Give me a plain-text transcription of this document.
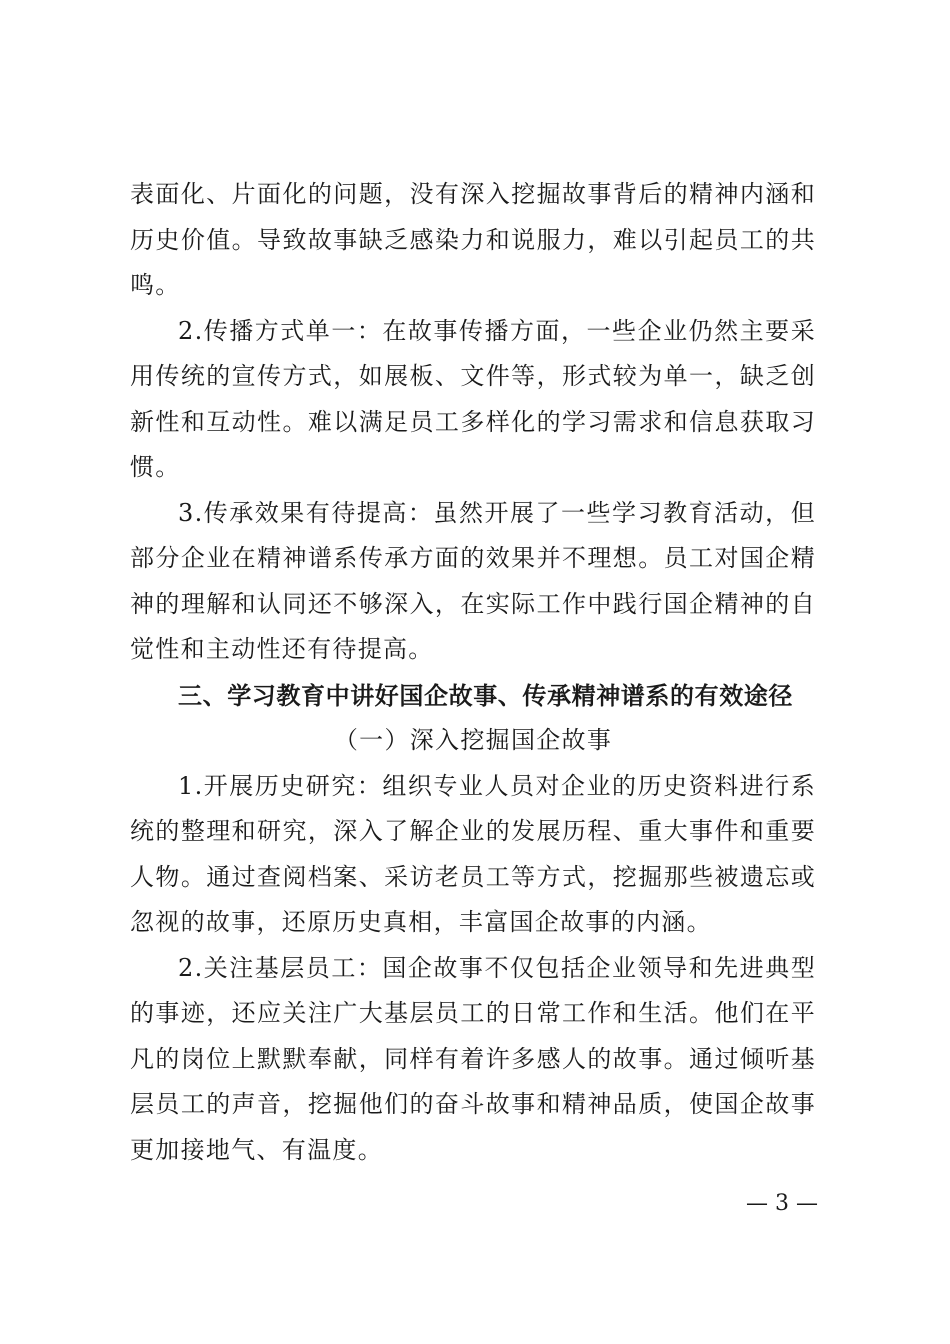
表面化、片面化的问题，没有深入挖掘故事背后的精神内涵和历史价值。导致故事缺乏感染力和说服力，难以引起员工的共鸣。

2.传播方式单一：在故事传播方面，一些企业仍然主要采用传统的宣传方式，如展板、文件等，形式较为单一，缺乏创新性和互动性。难以满足员工多样化的学习需求和信息获取习惯。

3.传承效果有待提高：虽然开展了一些学习教育活动，但部分企业在精神谱系传承方面的效果并不理想。员工对国企精神的理解和认同还不够深入，在实际工作中践行国企精神的自觉性和主动性还有待提高。

三、学习教育中讲好国企故事、传承精神谱系的有效途径

（一）深入挖掘国企故事

1.开展历史研究：组织专业人员对企业的历史资料进行系统的整理和研究，深入了解企业的发展历程、重大事件和重要人物。通过查阅档案、采访老员工等方式，挖掘那些被遗忘或忽视的故事，还原历史真相，丰富国企故事的内涵。

2.关注基层员工：国企故事不仅包括企业领导和先进典型的事迹，还应关注广大基层员工的日常工作和生活。他们在平凡的岗位上默默奉献，同样有着许多感人的故事。通过倾听基层员工的声音，挖掘他们的奋斗故事和精神品质，使国企故事更加接地气、有温度。

— 3 —
